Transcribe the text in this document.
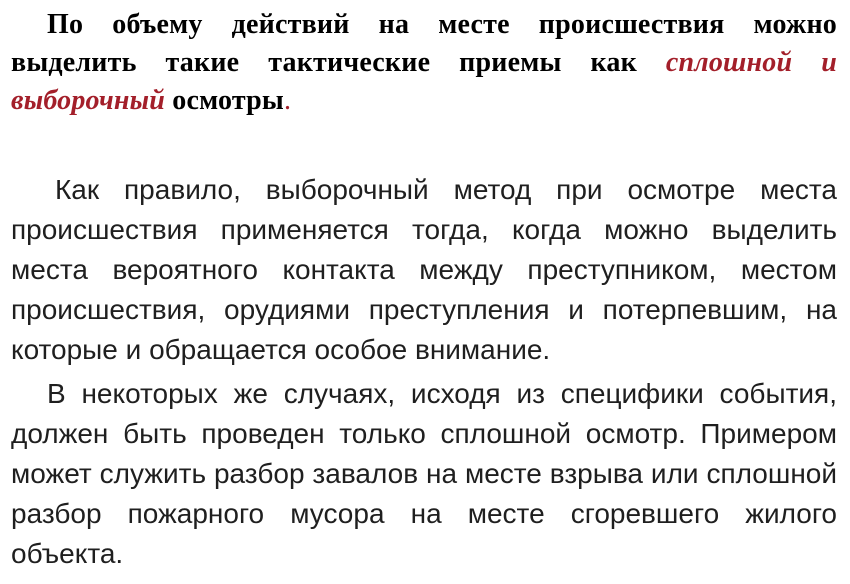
По объему действий на месте происшествия можно выделить такие тактические приемы как сплошной и выборочный осмотры.

Как правило, выборочный метод при осмотре места происшествия применяется тогда, когда можно выделить места вероятного контакта между преступником, местом происшествия, орудиями преступления и потерпевшим, на которые и обращается особое внимание.

В некоторых же случаях, исходя из специфики события, должен быть проведен только сплошной осмотр. Примером может служить разбор завалов на месте взрыва или сплошной разбор пожарного мусора на месте сгоревшего жилого объекта.
